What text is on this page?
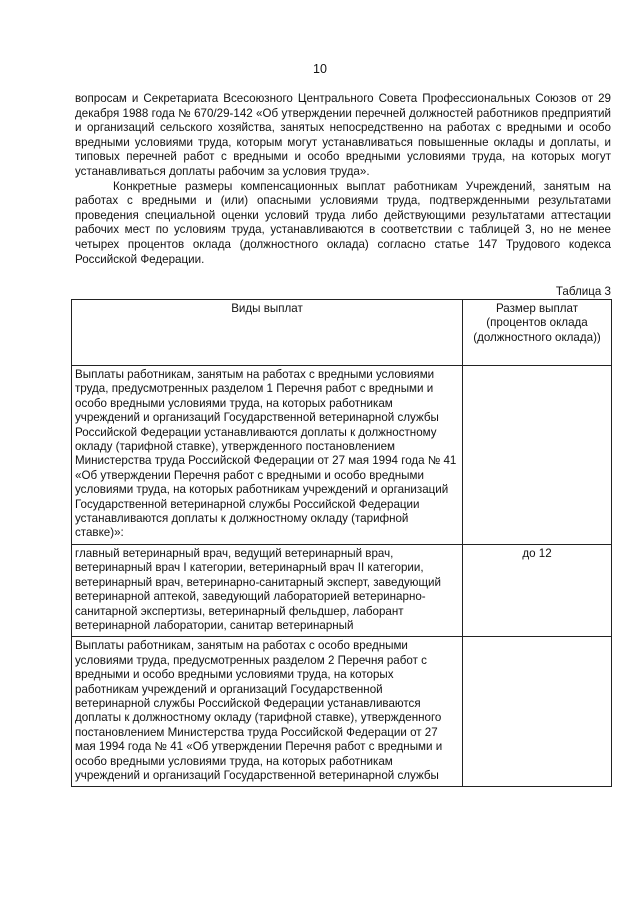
10

вопросам и Секретариата Всесоюзного Центрального Совета Профессиональных Союзов от 29 декабря 1988 года № 670/29-142 «Об утверждении перечней должностей работников предприятий и организаций сельского хозяйства, занятых непосредственно на работах с вредными и особо вредными условиями труда, которым могут устанавливаться повышенные оклады и доплаты, и типовых перечней работ с вредными и особо вредными условиями труда, на которых могут устанавливаться доплаты рабочим за условия труда».

Конкретные размеры компенсационных выплат работникам Учреждений, занятым на работах с вредными и (или) опасными условиями труда, подтвержденными результатами проведения специальной оценки условий труда либо действующими результатами аттестации рабочих мест по условиям труда, устанавливаются в соответствии с таблицей 3, но не менее четырех процентов оклада (должностного оклада) согласно статье 147 Трудового кодекса Российской Федерации.

Таблица 3
Виды выплат	Размер выплат (процентов оклада (должностного оклада))
Выплаты работникам, занятым на работах с вредными условиями труда, предусмотренных разделом 1 Перечня работ с вредными и особо вредными условиями труда, на которых работникам учреждений и организаций Государственной ветеринарной службы Российской Федерации устанавливаются доплаты к должностному окладу (тарифной ставке), утвержденного постановлением Министерства труда Российской Федерации от 27 мая 1994 года № 41 «Об утверждении Перечня работ с вредными и особо вредными условиями труда, на которых работникам учреждений и организаций Государственной ветеринарной службы Российской Федерации устанавливаются доплаты к должностному окладу (тарифной ставке)»:	
главный ветеринарный врач, ведущий ветеринарный врач, ветеринарный врач I категории, ветеринарный врач II категории, ветеринарный врач, ветеринарно-санитарный эксперт, заведующий ветеринарной аптекой, заведующий лабораторией ветеринарно-санитарной экспертизы, ветеринарный фельдшер, лаборант ветеринарной лаборатории, санитар ветеринарный	до 12
Выплаты работникам, занятым на работах с особо вредными условиями труда, предусмотренных разделом 2 Перечня работ с вредными и особо вредными условиями труда, на которых работникам учреждений и организаций Государственной ветеринарной службы Российской Федерации устанавливаются доплаты к должностному окладу (тарифной ставке), утвержденного постановлением Министерства труда Российской Федерации от 27 мая 1994 года № 41 «Об утверждении Перечня работ с вредными и особо вредными условиями труда, на которых работникам учреждений и организаций Государственной ветеринарной службы	
